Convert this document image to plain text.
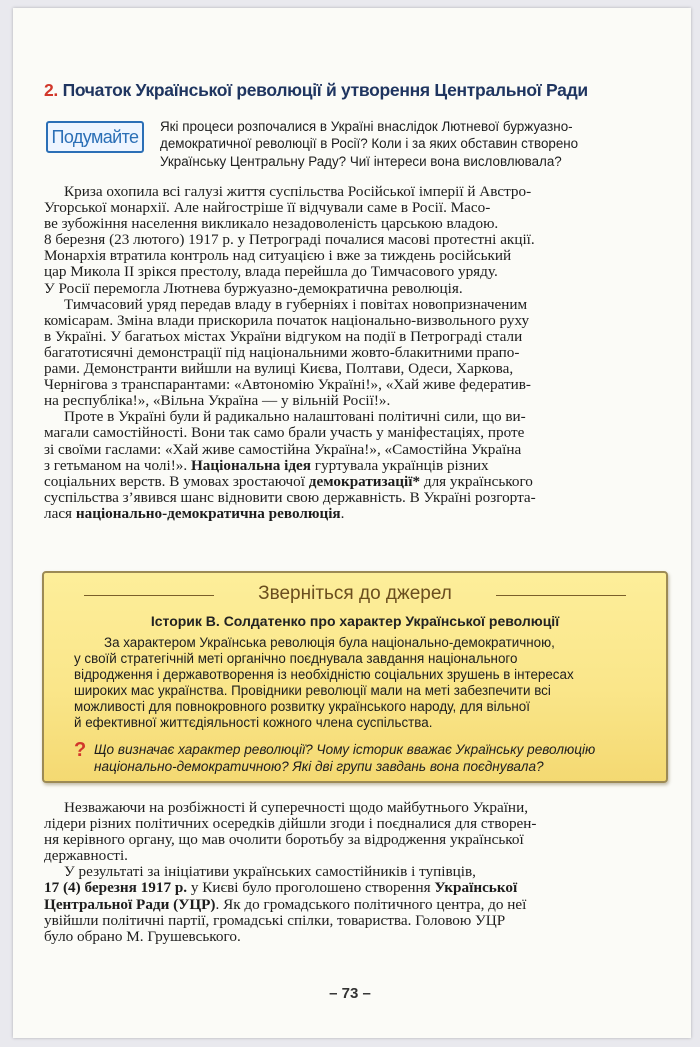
2. Початок Української революції й утворення Центральної Ради
Подумайте

Які процеси розпочалися в Україні внаслідок Лютневої буржуазно-

демократичної революції в Росії? Коли і за яких обставин створено

Українську Центральну Раду? Чиї інтереси вона висловлювала?

Криза охопила всі галузі життя суспільства Російської імперії й Австро-
Угорської монархії. Але найгостріше її відчували саме в Росії. Масо-
ве зубожіння населення викликало незадоволеність царською владою.
8 березня (23 лютого) 1917 р. у Петрограді почалися масові протестні акції.
Монархія втратила контроль над ситуацією і вже за тиждень російський
цар Микола II зрікся престолу, влада перейшла до Тимчасового уряду.
У Росії перемогла Лютнева буржуазно-демократична революція.

Тимчасовий уряд передав владу в губерніях і повітах новопризначеним
комісарам. Зміна влади прискорила початок національно-визвольного руху
в Україні. У багатьох містах України відгуком на події в Петрограді стали
багатотисячні демонстрації під національними жовто-блакитними прапо-
рами. Демонстранти вийшли на вулиці Києва, Полтави, Одеси, Харкова,
Чернігова з транспарантами: «Автономію Україні!», «Хай живе федератив-
на республіка!», «Вільна Україна — у вільній Росії!».

Проте в Україні були й радикально налаштовані політичні сили, що ви-
магали самостійності. Вони так само брали участь у маніфестаціях, проте
зі своїми гаслами: «Хай живе самостійна Україна!», «Самостійна Україна
з гетьманом на чолі!». Національна ідея гуртувала українців різних
соціальних верств. В умовах зростаючої демократизації* для українського
суспільства з’явився шанс відновити свою державність. В Україні розгорта-
лася національно-демократична революція.

Зверніться до джерел
Історик В. Солдатенко про характер Української революції
За характером Українська революція була національно-демократичною,
у своїй стратегічній меті органічно поєднувала завдання національного
відродження і державотворення із необхідністю соціальних зрушень в інтересах
широких мас українства. Провідники революції мали на меті забезпечити всі
можливості для повнокровного розвитку українського народу, для вільної
й ефективної життєдіяльності кожного члена суспільства.
? Що визначає характер революції? Чому історик вважає Українську революцію
національно-демократичною? Які дві групи завдань вона поєднувала?

Незважаючи на розбіжності й суперечності щодо майбутнього України,
лідери різних політичних осередків дійшли згоди і поєдналися для створен-
ня керівного органу, що мав очолити боротьбу за відродження української
державності.

У результаті за ініціативи українських самостійників і тупівців,
17 (4) березня 1917 р. у Києві було проголошено створення Української
Центральної Ради (УЦР). Як до громадського політичного центра, до неї
увійшли політичні партії, громадські спілки, товариства. Головою УЦР
було обрано М. Грушевського.

– 73 –
